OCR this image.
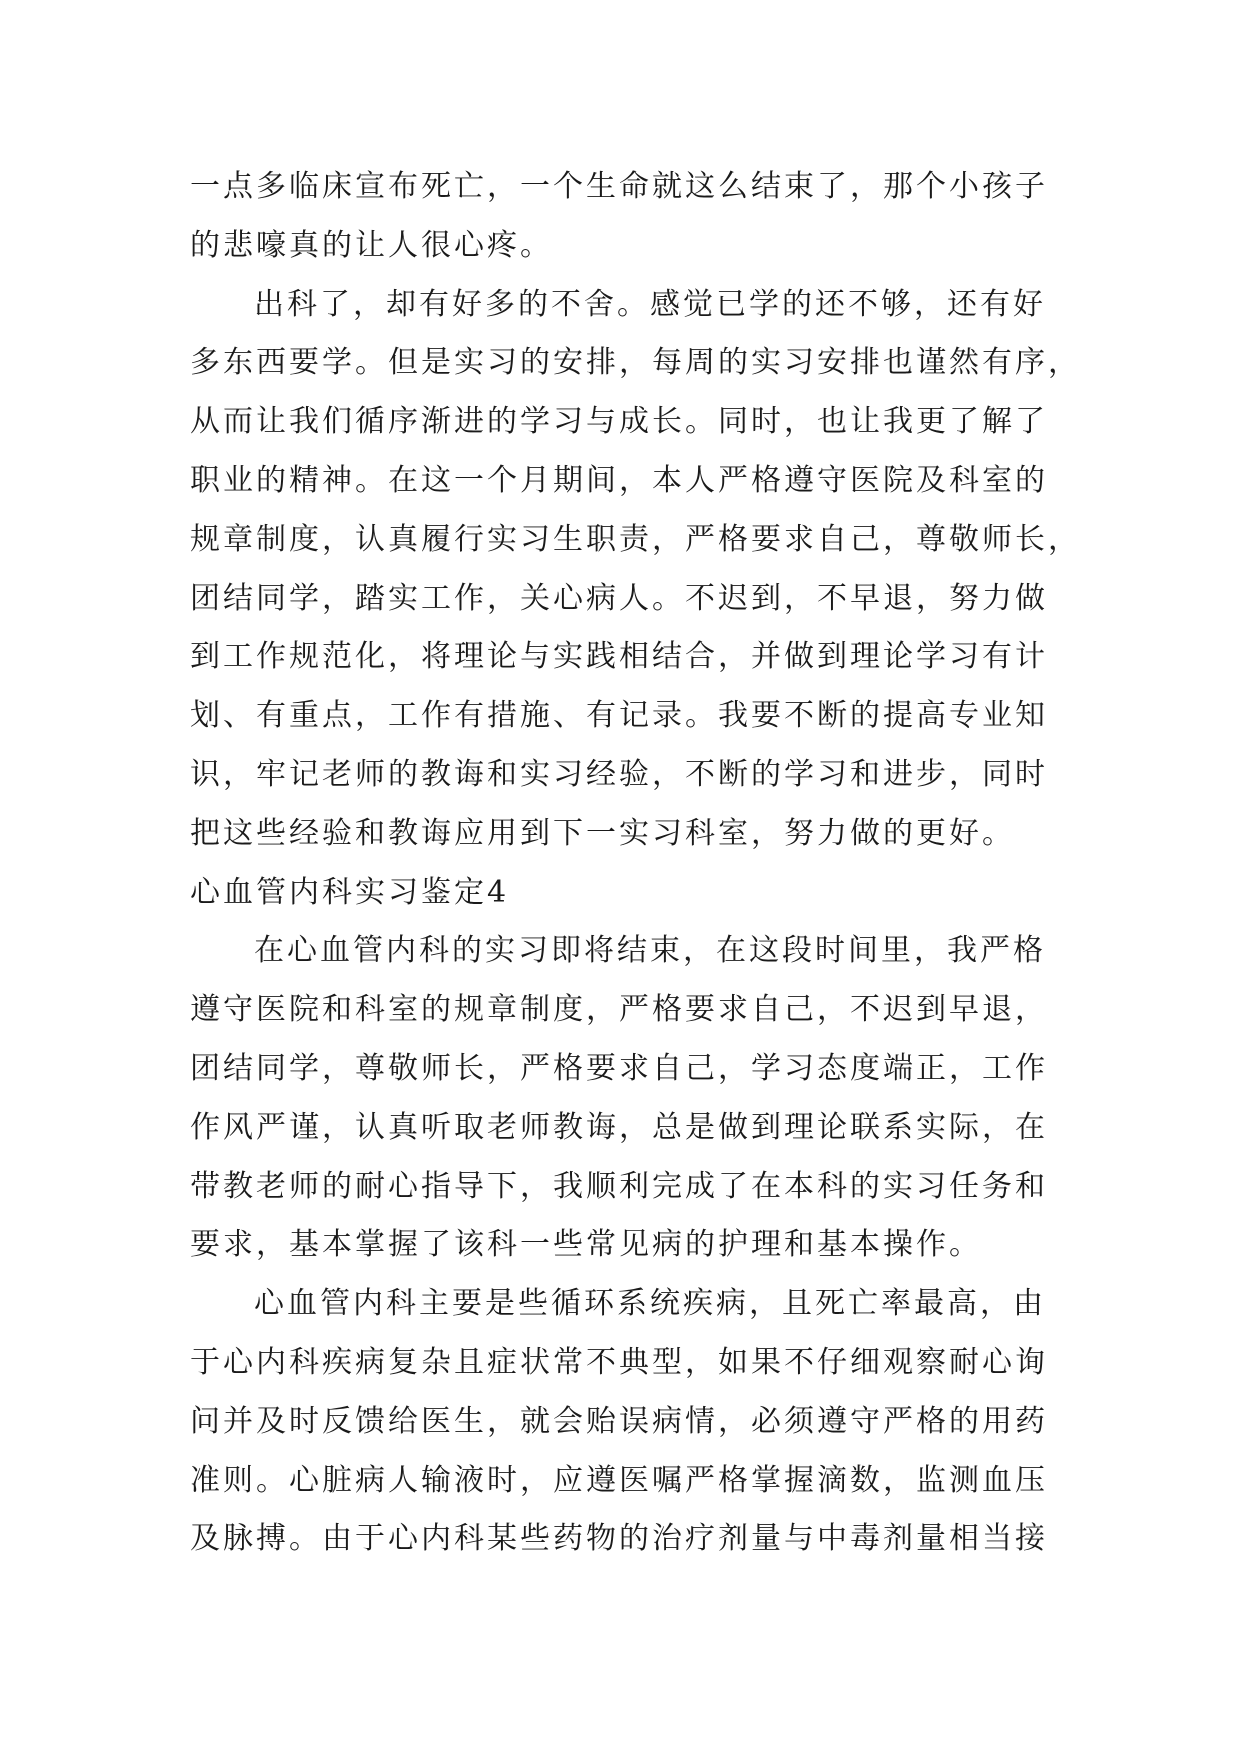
一点多临床宣布死亡，一个生命就这么结束了，那个小孩子
的悲嚎真的让人很心疼。
出科了，却有好多的不舍。感觉已学的还不够，还有好
多东西要学。但是实习的安排，每周的实习安排也谨然有序，
从而让我们循序渐进的学习与成长。同时，也让我更了解了
职业的精神。在这一个月期间，本人严格遵守医院及科室的
规章制度，认真履行实习生职责，严格要求自己，尊敬师长，
团结同学，踏实工作，关心病人。不迟到，不早退，努力做
到工作规范化，将理论与实践相结合，并做到理论学习有计
划、有重点，工作有措施、有记录。我要不断的提高专业知
识，牢记老师的教诲和实习经验，不断的学习和进步，同时
把这些经验和教诲应用到下一实习科室，努力做的更好。
心血管内科实习鉴定4
在心血管内科的实习即将结束，在这段时间里，我严格
遵守医院和科室的规章制度，严格要求自己，不迟到早退，
团结同学，尊敬师长，严格要求自己，学习态度端正，工作
作风严谨，认真听取老师教诲，总是做到理论联系实际，在
带教老师的耐心指导下，我顺利完成了在本科的实习任务和
要求，基本掌握了该科一些常见病的护理和基本操作。
心血管内科主要是些循环系统疾病，且死亡率最高，由
于心内科疾病复杂且症状常不典型，如果不仔细观察耐心询
问并及时反馈给医生，就会贻误病情，必须遵守严格的用药
准则。心脏病人输液时，应遵医嘱严格掌握滴数，监测血压
及脉搏。由于心内科某些药物的治疗剂量与中毒剂量相当接
